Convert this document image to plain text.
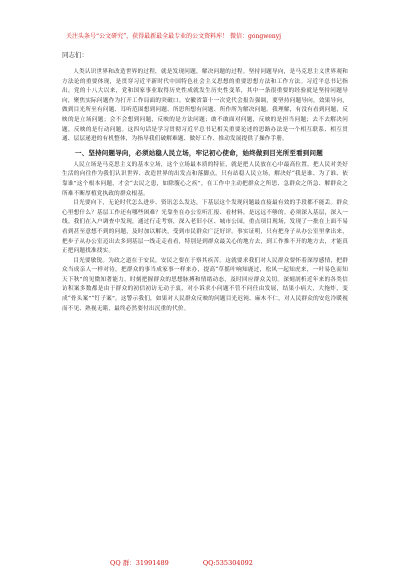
关注头条号“公文研究”，获得最新最全最专业的公文资料库！ 微信：gongwenyj
同志们：

人类认识世界和改造世界的过程，就是发现问题，解决问题的过程。坚持问题导向，是马克思主义世界观和方法论的重要体现，是贯穿习近平新时代中国特色社会主义思想的重要思想方法和工作方法。习近平总书记指出，党的十八大以来，党和国家事业取得历史性成就发生历史性变革，其中一条很重要的经验就是坚持问题导向，聚焦实际问题作为打开工作局面的突破口。安徽省第十一次党代会报告强调，要坚持问题导向，效果导向，做到目光所至有问题、耳听范围想到问题、所思所想有问题、所作所为解决问题。我理解，有没有看到问题，反映的是立场问题；会不会想到问题，反映的是方法问题；敢不敢面对问题，反映的是担当问题；去不去解决问题，反映的是行动问题。这四句话是学习贯彻习近平总书记相关重要论述的思路办法是一个相互联系、相互贯通、层层递进的有机整体，为指导我们破解难题、做好工作、推动发展提供了操作手册。

一、坚持问题导向，必须站稳人民立场，牢记初心使命，始终做到目光所至看到问题

人民立场是马克思主义的基本立场，这个立场最本质的特征，就是把人民放在心中最高位置，把人民对美好生活的向往作为我们认识世界、改造世界的出发点和落脚点。只有站稳人民立场，解决好“我是谁、为了谁、依靠谁”这个根本问题，才会“去民之患，如除腹心之疾”，在工作中主动把群众之所思、急群众之所急、解群众之所难不断厚植党执政的群众根基。

目光要向下，无论时代怎么进步、资讯怎么发达，下基层这个发现问题最直接最有效的手段都不能丢。群众心里想什么？基层工作还有哪些困难？光靠坐在办公室听汇报、看材料，是远远不够的。必须深入基层，深入一线。我们在入户调查中发现，通过行走考察，深入老旧小区、城市公园，重点项目现场，发现了一批在上面不易看到甚至意想不到的问题，及时加以解决，受到市民群众广泛好评。事实证明，只有把身子从办公室里拿出来，把步子从办公室迈出去多到基层一线走走看看，特别是到群众最关心的地方去，到工作推不开的地方去，才能真正把问题找准找实。

目光要敏锐。为政之道在于安民，安民之要在于察其疾苦。这就要求我们对人民群众要怀着深厚感情，把群众当成亲人一样对待，把群众的事当成家事一样来办，提高“草摇叶响知鹿过，松风一起知虎来，一叶易色而知天下秋”的见微知著能力，时刻把握群众的思想脉搏和情绪动态，及时回应群众关切。深刻剖析近年来的各类信访积案多数都是由于群众的初信初访无动于衷，对小诉求小问题不管不问任由发展，结果小病大，大拖炸，变成“骨头案”“钉子案”。这警示我们，如果对人民群众反映的问题目光迟钝、麻木不仁，对人民群众的安危冷暖视而不见、熟视无睹，最终必然要付出沉重的代价。

QQ 群：31991489	QQ:535304092
